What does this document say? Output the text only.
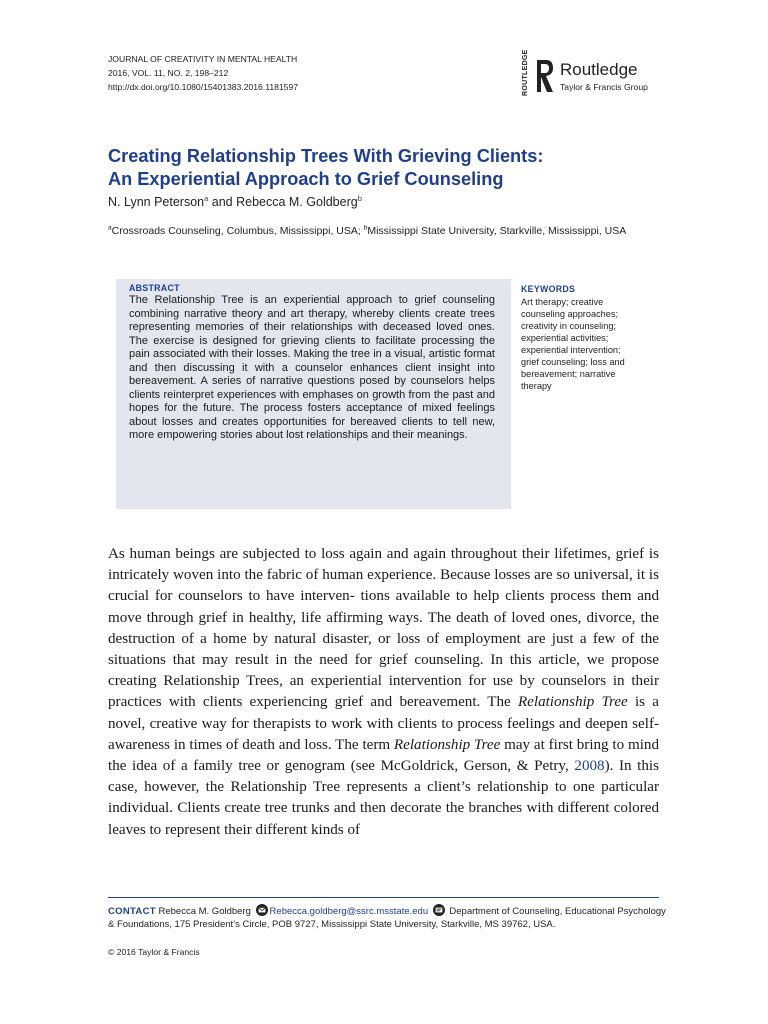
JOURNAL OF CREATIVITY IN MENTAL HEALTH
2016, VOL. 11, NO. 2, 198–212
http://dx.doi.org/10.1080/15401383.2016.1181597	ROUTLEDGE Routledge
Taylor & Francis Group
Creating Relationship Trees With Grieving Clients:
An Experiential Approach to Grief Counseling
N. Lynn Peterson$^a$ and Rebecca M. Goldberg$^b$
$^a$Crossroads Counseling, Columbus, Mississippi, USA; $^b$Mississippi State University, Starkville, Mississippi, USA
ABSTRACT
The Relationship Tree is an experiential approach to grief counseling combining narrative theory and art therapy, whereby clients create trees representing memories of their relationships with deceased loved ones. The exercise is designed for grieving clients to facilitate processing the pain associated with their losses. Making the tree in a visual, artistic format and then discussing it with a counselor enhances client insight into bereavement. A series of narrative questions posed by counselors helps clients reinterpret experiences with emphases on growth from the past and hopes for the future. The process fosters acceptance of mixed feelings about losses and creates opportunities for bereaved clients to tell new, more empowering stories about lost relationships and their meanings.
KEYWORDS
Art therapy; creative
counseling approaches;
creativity in counseling;
experiential activities;
experiential intervention;
grief counseling; loss and
bereavement; narrative
therapy
As human beings are subjected to loss again and again throughout their lifetimes, grief is intricately woven into the fabric of human experience. Because losses are so universal, it is crucial for counselors to have interven- tions available to help clients process them and move through grief in healthy, life affirming ways. The death of loved ones, divorce, the destruction of a home by natural disaster, or loss of employment are just a few of the situations that may result in the need for grief counseling. In this article, we propose creating Relationship Trees, an experiential intervention for use by counselors in their practices with clients experiencing grief and bereavement. The Relationship Tree is a novel, creative way for therapists to work with clients to process feelings and deepen self-awareness in times of death and loss. The term Relationship Tree may at first bring to mind the idea of a family tree or genogram (see McGoldrick, Gerson, & Petry, 2008). In this case, however, the Relationship Tree represents a client’s relationship to one particular individual. Clients create tree trunks and then decorate the branches with different colored leaves to represent their different kinds of
CONTACT Rebecca M. Goldberg Rebecca.goldberg@ssrc.msstate.edu Department of Counseling, Educational Psychology & Foundations, 175 President’s Circle, POB 9727, Mississippi State University, Starkville, MS 39762, USA.
© 2016 Taylor & Francis
